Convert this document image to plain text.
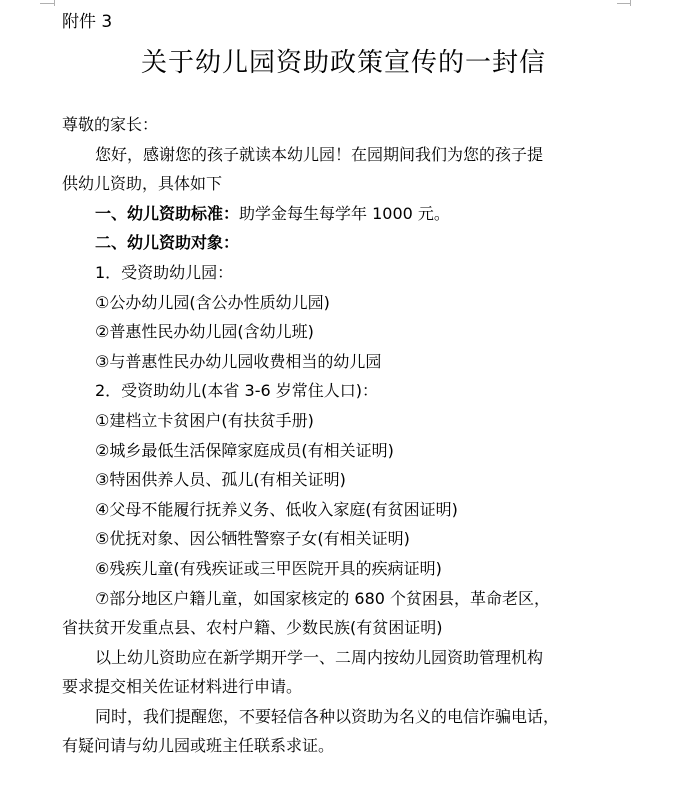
附件 3
关于幼儿园资助政策宣传的一封信
尊敬的家长：
您好，感谢您的孩子就读本幼儿园！在园期间我们为您的孩子提
供幼儿资助，具体如下
一、幼儿资助标准：助学金每生每学年 1000 元。
二、幼儿资助对象：
1．受资助幼儿园：
①公办幼儿园(含公办性质幼儿园)
②普惠性民办幼儿园(含幼儿班)
③与普惠性民办幼儿园收费相当的幼儿园
2．受资助幼儿(本省 3-6 岁常住人口)：
①建档立卡贫困户(有扶贫手册)
②城乡最低生活保障家庭成员(有相关证明)
③特困供养人员、孤儿(有相关证明)
④父母不能履行抚养义务、低收入家庭(有贫困证明)
⑤优抚对象、因公牺牲警察子女(有相关证明)
⑥残疾儿童(有残疾证或三甲医院开具的疾病证明)
⑦部分地区户籍儿童，如国家核定的 680 个贫困县，革命老区，
省扶贫开发重点县、农村户籍、少数民族(有贫困证明)
以上幼儿资助应在新学期开学一、二周内按幼儿园资助管理机构
要求提交相关佐证材料进行申请。
同时，我们提醒您，不要轻信各种以资助为名义的电信诈骗电话，
有疑问请与幼儿园或班主任联系求证。
